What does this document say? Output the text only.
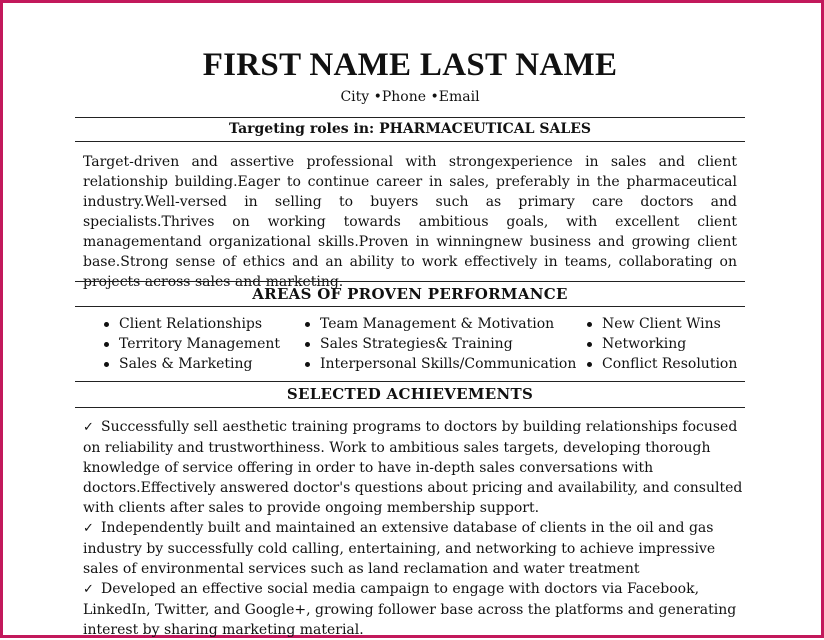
FIRST NAME LAST NAME
City •Phone •Email
Targeting roles in: PHARMACEUTICAL SALES

Target-driven and assertive professional with strongexperience in sales and client relationship building.Eager to continue career in sales, preferably in the pharmaceutical industry.Well-versed in selling to buyers such as primary care doctors and specialists.Thrives on working towards ambitious goals, with excellent client managementand organizational skills.Proven in winningnew business and growing client base.Strong sense of ethics and an ability to work effectively in teams, collaborating on projects across sales and marketing.

AREAS OF PROVEN PERFORMANCE
Client Relationships
Territory Management
Sales & Marketing
Team Management & Motivation
Sales Strategies& Training
Interpersonal Skills/Communication
New Client Wins
Networking
Conflict Resolution
SELECTED ACHIEVEMENTS

✓ Successfully sell aesthetic training programs to doctors by building relationships focused on reliability and trustworthiness. Work to ambitious sales targets, developing thorough knowledge of service offering in order to have in-depth sales conversations with doctors.Effectively answered doctor's questions about pricing and availability, and consulted with clients after sales to provide ongoing membership support.

✓ Independently built and maintained an extensive database of clients in the oil and gas industry by successfully cold calling, entertaining, and networking to achieve impressive sales of environmental services such as land reclamation and water treatment

✓ Developed an effective social media campaign to engage with doctors via Facebook, LinkedIn, Twitter, and Google+, growing follower base across the platforms and generating interest by sharing marketing material.
